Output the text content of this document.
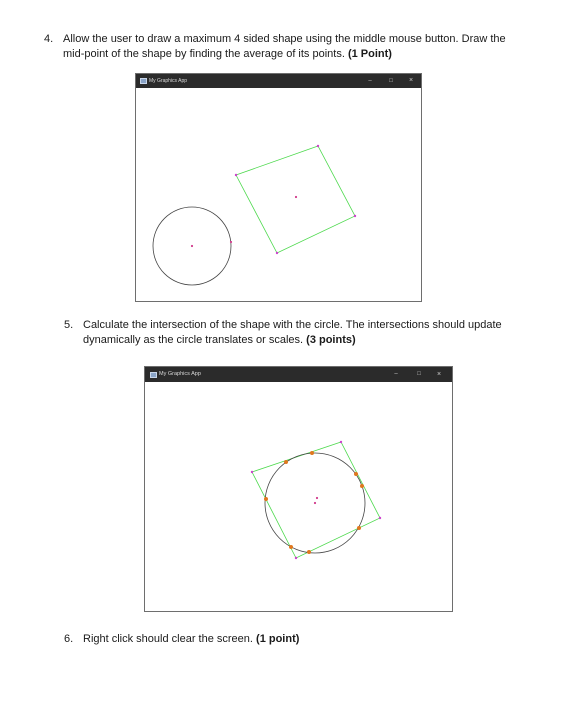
4. Allow the user to draw a maximum 4 sided shape using the middle mouse button. Draw the
mid-point of the shape by finding the average of its points. (1 Point)
My Graphics App	–	□	×
5. Calculate the intersection of the shape with the circle. The intersections should update
dynamically as the circle translates or scales. (3 points)
My Graphics App	–	□	×
6. Right click should clear the screen. (1 point)
